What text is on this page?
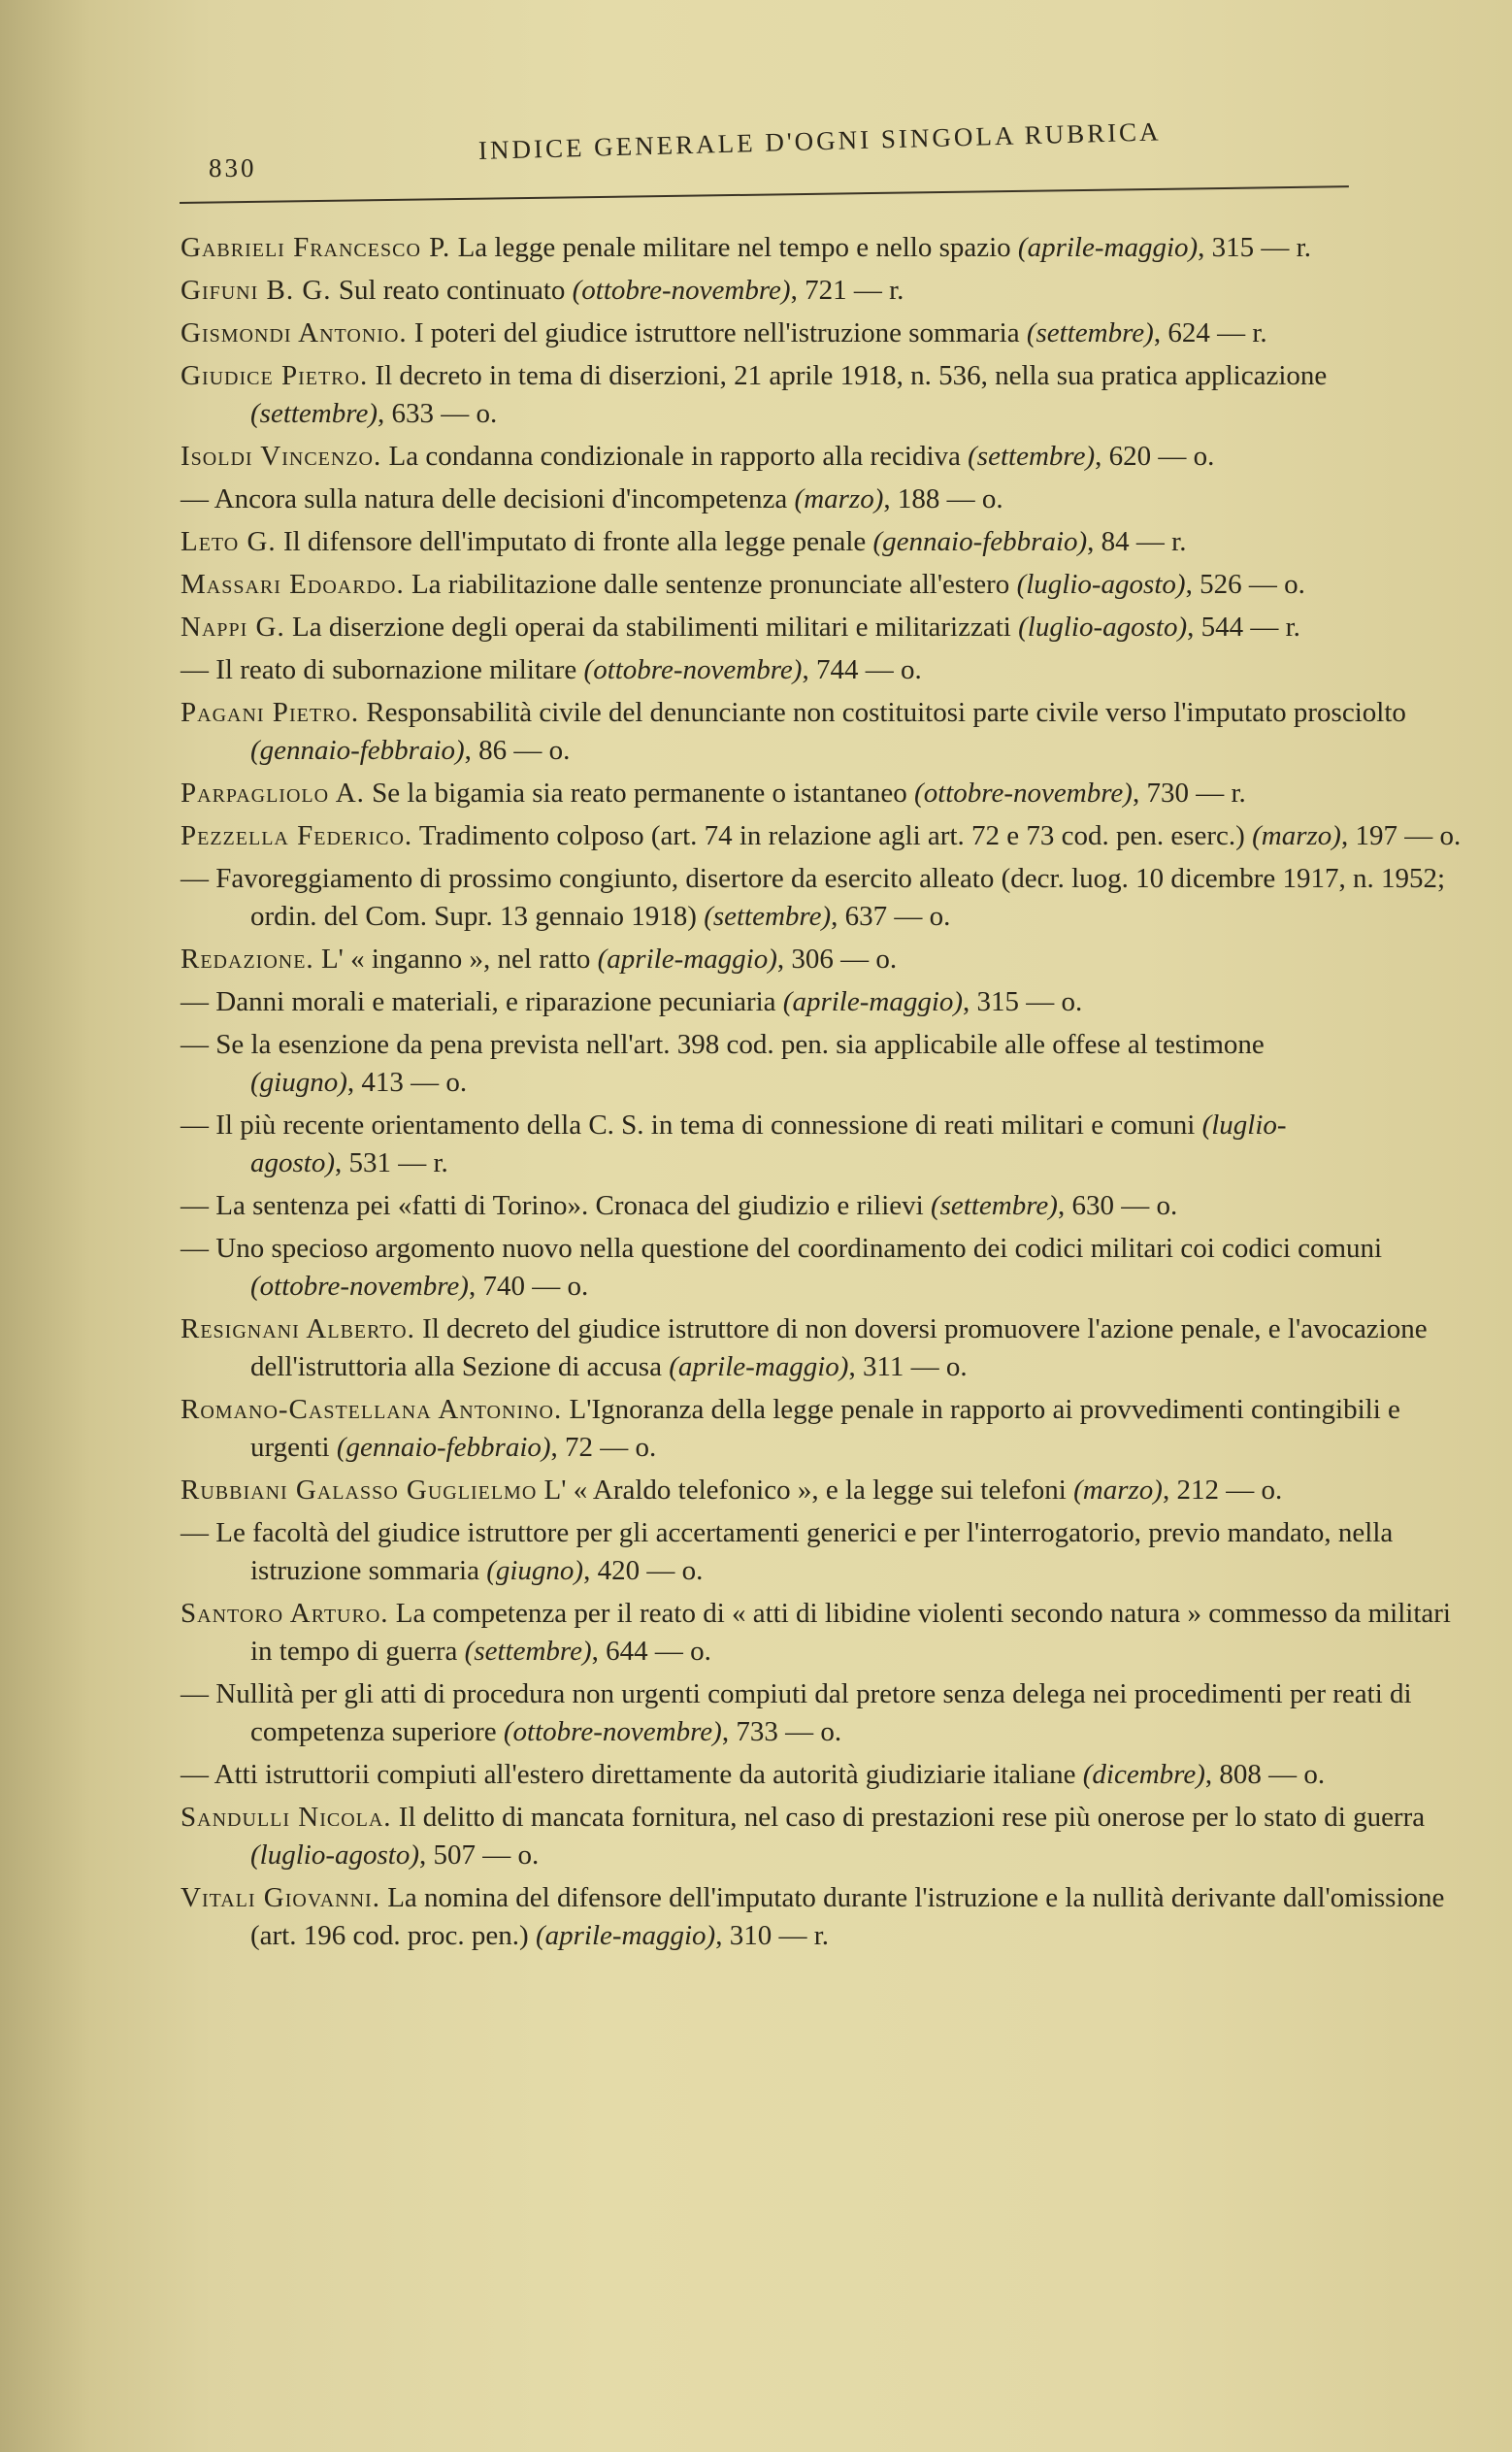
830
INDICE GENERALE D'OGNI SINGOLA RUBRICA

Gabrieli Francesco P. La legge penale militare nel tempo e nello spazio (aprile-maggio), 315 — r.

Gifuni B. G. Sul reato continuato (ottobre-novembre), 721 — r.

Gismondi Antonio. I poteri del giudice istruttore nell'istruzione sommaria (settembre), 624 — r.

Giudice Pietro. Il decreto in tema di diserzioni, 21 aprile 1918, n. 536, nella sua pratica applicazione (settembre), 633 — o.

Isoldi Vincenzo. La condanna condizionale in rapporto alla recidiva (settembre), 620 — o.

— Ancora sulla natura delle decisioni d'incompetenza (marzo), 188 — o.

Leto G. Il difensore dell'imputato di fronte alla legge penale (gennaio-febbraio), 84 — r.

Massari Edoardo. La riabilitazione dalle sentenze pronunciate all'estero (luglio-agosto), 526 — o.

Nappi G. La diserzione degli operai da stabilimenti militari e militarizzati (luglio-agosto), 544 — r.

— Il reato di subornazione militare (ottobre-novembre), 744 — o.

Pagani Pietro. Responsabilità civile del denunciante non costituitosi parte civile verso l'imputato prosciolto (gennaio-febbraio), 86 — o.

Parpagliolo A. Se la bigamia sia reato permanente o istantaneo (ottobre-novembre), 730 — r.

Pezzella Federico. Tradimento colposo (art. 74 in relazione agli art. 72 e 73 cod. pen. eserc.) (marzo), 197 — o.

— Favoreggiamento di prossimo congiunto, disertore da esercito alleato (decr. luog. 10 dicembre 1917, n. 1952; ordin. del Com. Supr. 13 gennaio 1918) (settembre), 637 — o.

Redazione. L' « inganno », nel ratto (aprile-maggio), 306 — o.

— Danni morali e materiali, e riparazione pecuniaria (aprile-maggio), 315 — o.

— Se la esenzione da pena prevista nell'art. 398 cod. pen. sia applicabile alle offese al testimone (giugno), 413 — o.

— Il più recente orientamento della C. S. in tema di connessione di reati militari e comuni (luglio-agosto), 531 — r.

— La sentenza pei «fatti di Torino». Cronaca del giudizio e rilievi (settembre), 630 — o.

— Uno specioso argomento nuovo nella questione del coordinamento dei codici militari coi codici comuni (ottobre-novembre), 740 — o.

Resignani Alberto. Il decreto del giudice istruttore di non doversi promuovere l'azione penale, e l'avocazione dell'istruttoria alla Sezione di accusa (aprile-maggio), 311 — o.

Romano-Castellana Antonino. L'Ignoranza della legge penale in rapporto ai provvedimenti contingibili e urgenti (gennaio-febbraio), 72 — o.

Rubbiani Galasso Guglielmo L' « Araldo telefonico », e la legge sui telefoni (marzo), 212 — o.

— Le facoltà del giudice istruttore per gli accertamenti generici e per l'interrogatorio, previo mandato, nella istruzione sommaria (giugno), 420 — o.

Santoro Arturo. La competenza per il reato di « atti di libidine violenti secondo natura » commesso da militari in tempo di guerra (settembre), 644 — o.

— Nullità per gli atti di procedura non urgenti compiuti dal pretore senza delega nei procedimenti per reati di competenza superiore (ottobre-novembre), 733 — o.

— Atti istruttorii compiuti all'estero direttamente da autorità giudiziarie italiane (dicembre), 808 — o.

Sandulli Nicola. Il delitto di mancata fornitura, nel caso di prestazioni rese più onerose per lo stato di guerra (luglio-agosto), 507 — o.

Vitali Giovanni. La nomina del difensore dell'imputato durante l'istruzione e la nullità derivante dall'omissione (art. 196 cod. proc. pen.) (aprile-maggio), 310 — r.
